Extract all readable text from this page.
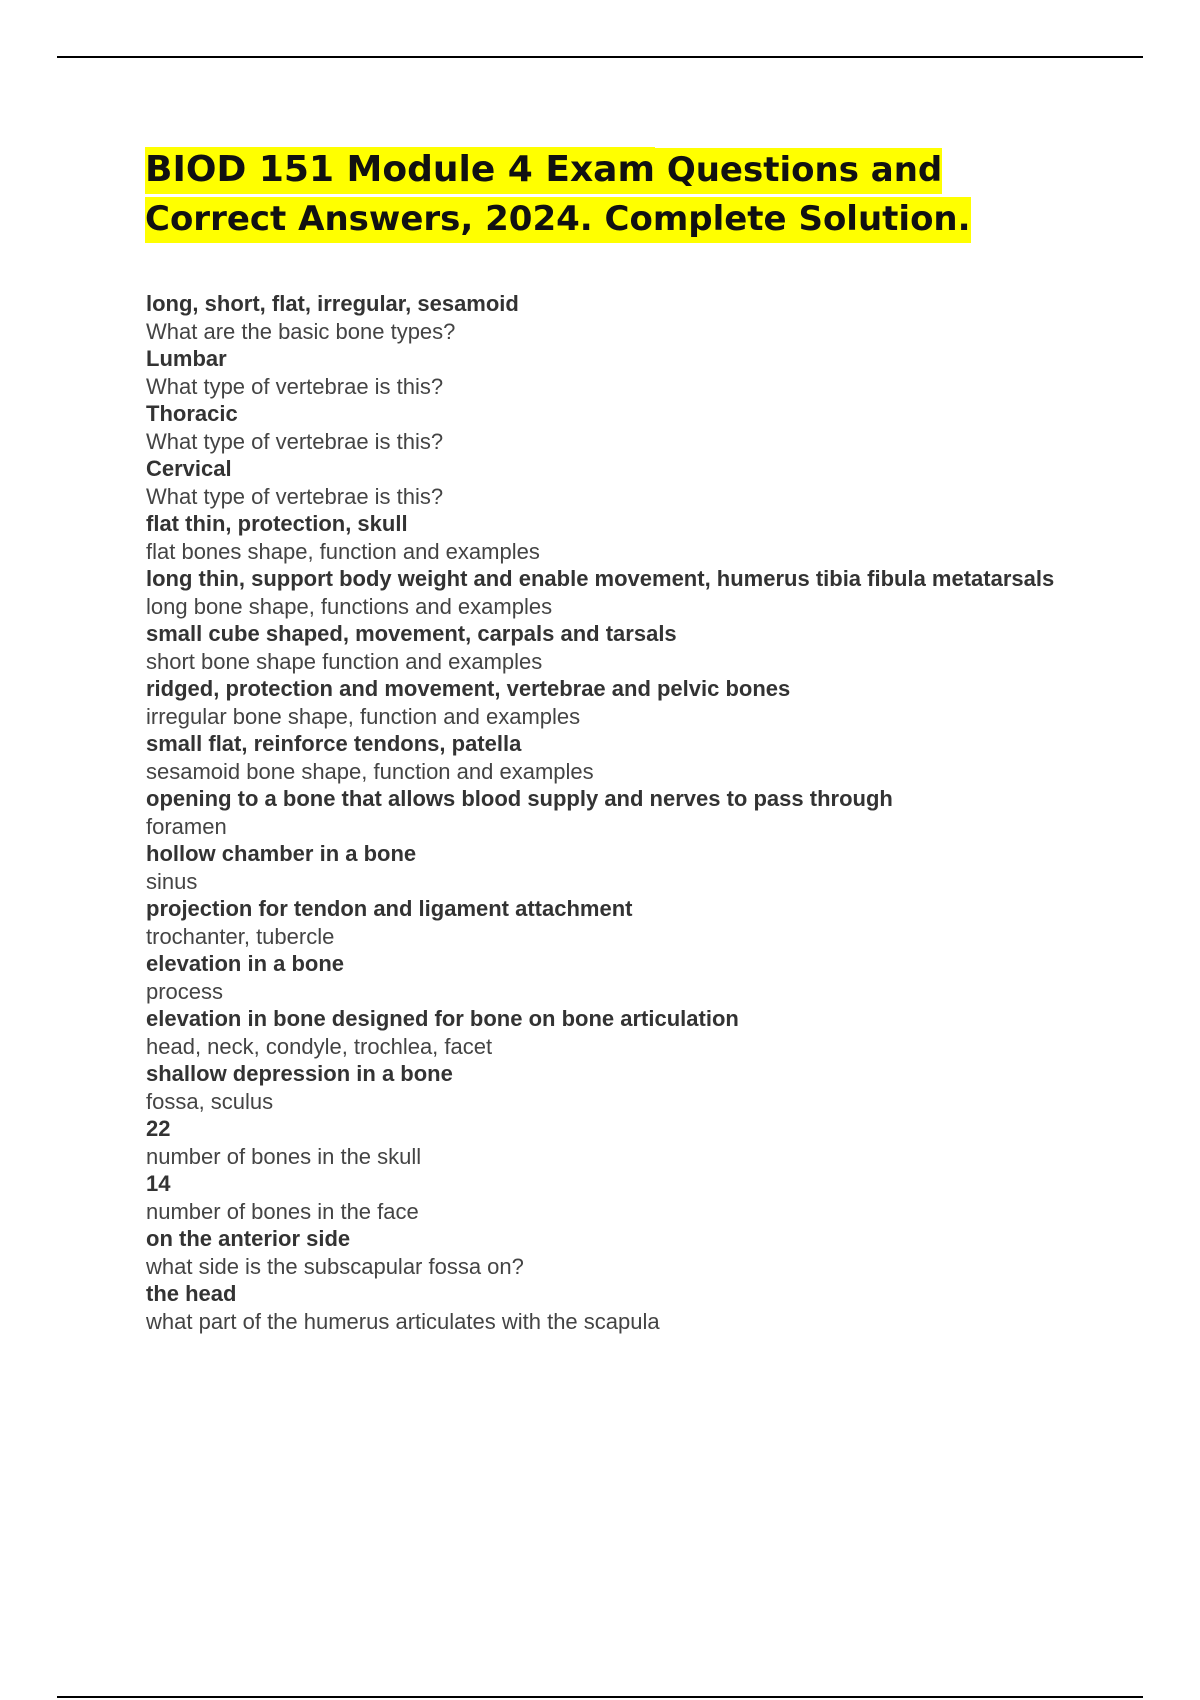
BIOD 151 Module 4 Exam Questions and Correct Answers, 2024. Complete Solution.
long, short, flat, irregular, sesamoid
What are the basic bone types?
Lumbar
What type of vertebrae is this?
Thoracic
What type of vertebrae is this?
Cervical
What type of vertebrae is this?
flat thin, protection, skull
flat bones shape, function and examples
long thin, support body weight and enable movement, humerus tibia fibula metatarsals
long bone shape, functions and examples
small cube shaped, movement, carpals and tarsals
short bone shape function and examples
ridged, protection and movement, vertebrae and pelvic bones
irregular bone shape, function and examples
small flat, reinforce tendons, patella
sesamoid bone shape, function and examples
opening to a bone that allows blood supply and nerves to pass through
foramen
hollow chamber in a bone
sinus
projection for tendon and ligament attachment
trochanter, tubercle
elevation in a bone
process
elevation in bone designed for bone on bone articulation
head, neck, condyle, trochlea, facet
shallow depression in a bone
fossa, sculus
22
number of bones in the skull
14
number of bones in the face
on the anterior side
what side is the subscapular fossa on?
the head
what part of the humerus articulates with the scapula
